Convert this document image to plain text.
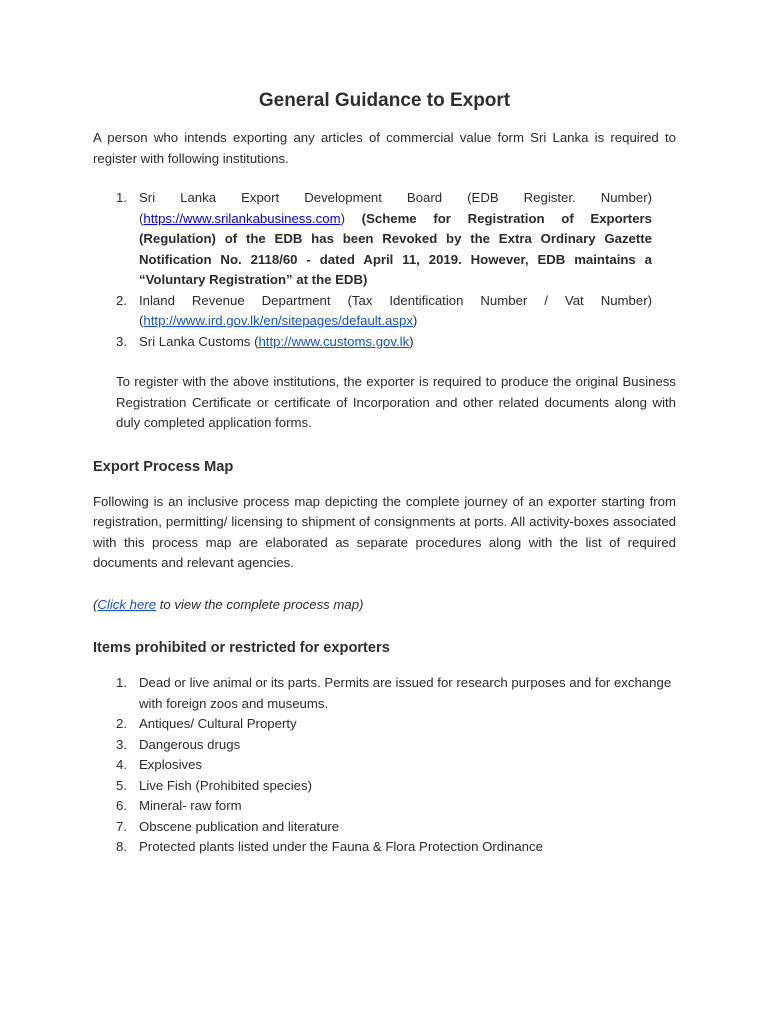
General Guidance to Export

A person who intends exporting any articles of commercial value form Sri Lanka is required to register with following institutions.

1. Sri Lanka Export Development Board (EDB Register. Number) (https://www.srilankabusiness.com) (Scheme for Registration of Exporters (Regulation) of the EDB has been Revoked by the Extra Ordinary Gazette Notification No. 2118/60 - dated April 11, 2019. However, EDB maintains a “Voluntary Registration” at the EDB)
2. Inland Revenue Department (Tax Identification Number / Vat Number) (http://www.ird.gov.lk/en/sitepages/default.aspx)
3. Sri Lanka Customs (http://www.customs.gov.lk)

To register with the above institutions, the exporter is required to produce the original Business Registration Certificate or certificate of Incorporation and other related documents along with duly completed application forms.

Export Process Map

Following is an inclusive process map depicting the complete journey of an exporter starting from registration, permitting/ licensing to shipment of consignments at ports. All activity-boxes associated with this process map are elaborated as separate procedures along with the list of required documents and relevant agencies.

(Click here to view the complete process map)

Items prohibited or restricted for exporters
1. Dead or live animal or its parts. Permits are issued for research purposes and for exchange with foreign zoos and museums.
2. Antiques/ Cultural Property
3. Dangerous drugs
4. Explosives
5. Live Fish (Prohibited species)
6. Mineral- raw form
7. Obscene publication and literature
8. Protected plants listed under the Fauna & Flora Protection Ordinance
